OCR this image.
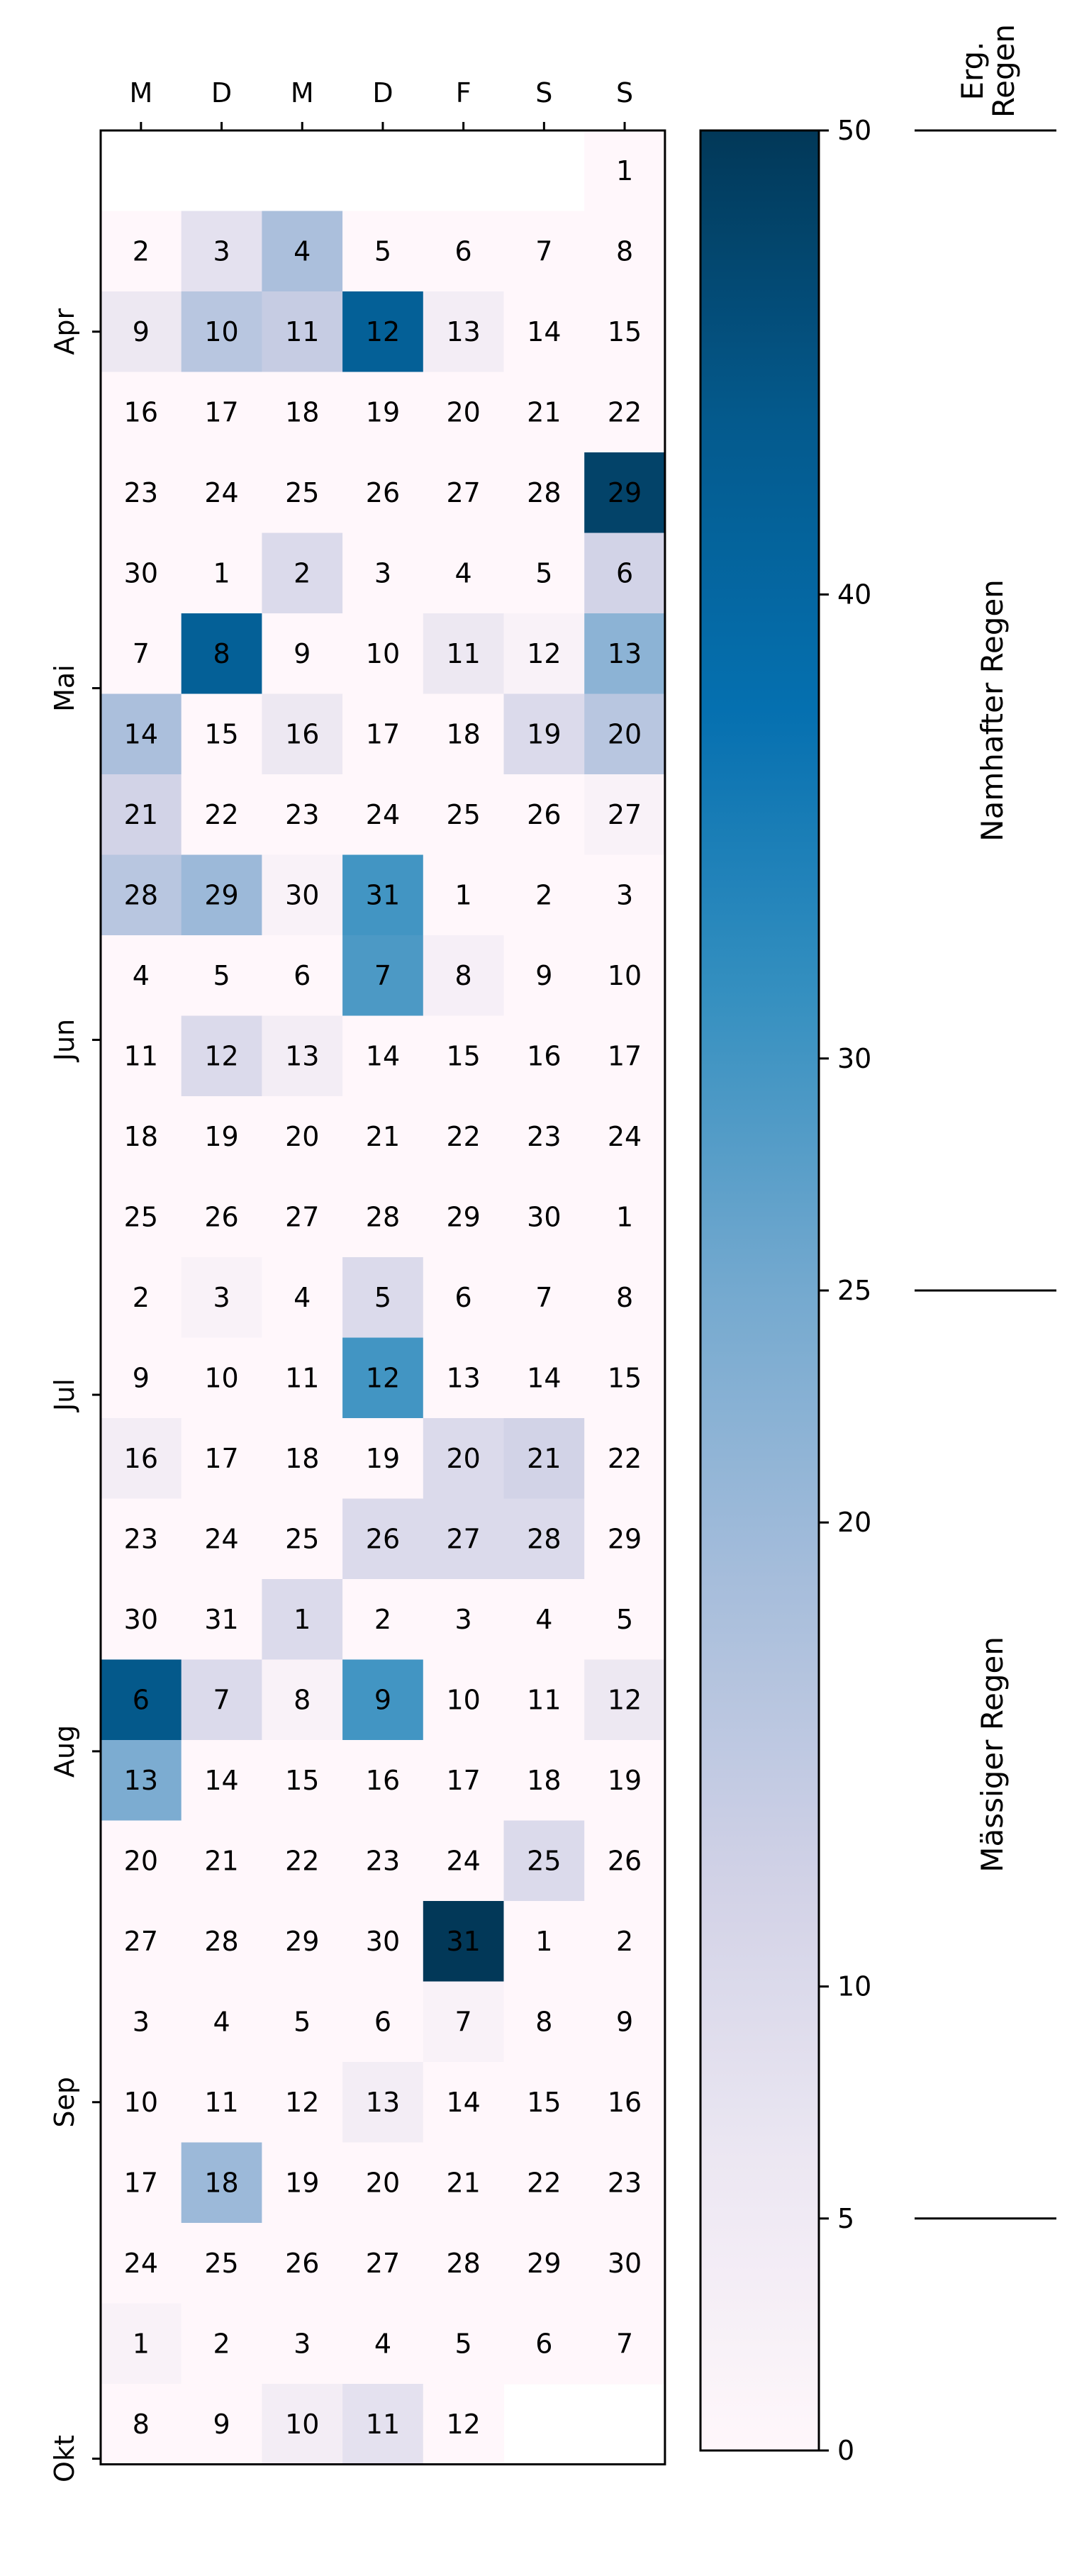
1
2 3 4 5 6 7 8
9 10 11 12 13 14 15
16 17 18 19 20 21 22
23 24 25 26 27 28 29
30 1 2 3 4 5 6
7 8 9 10 11 12 13
14 15 16 17 18 19 20
21 22 23 24 25 26 27
28 29 30 31 1 2 3
4 5 6 7 8 9 10
11 12 13 14 15 16 17
18 19 20 21 22 23 24
25 26 27 28 29 30 1
2 3 4 5 6 7 8
9 10 11 12 13 14 15
16 17 18 19 20 21 22
23 24 25 26 27 28 29
30 31 1 2 3 4 5
6 7 8 9 10 11 12
13 14 15 16 17 18 19
20 21 22 23 24 25 26
27 28 29 30 31 1 2
3 4 5 6 7 8 9
10 11 12 13 14 15 16
17 18 19 20 21 22 23
24 25 26 27 28 29 30
1 2 3 4 5 6 7
8 9 10 11 12
M D M D F S S
Apr
Mai
Jun
Jul
Aug
Sep
Okt	0
5
10
20
25
30
40
50
Mässiger Regen
Namhafter Regen
Erg.
Regen
